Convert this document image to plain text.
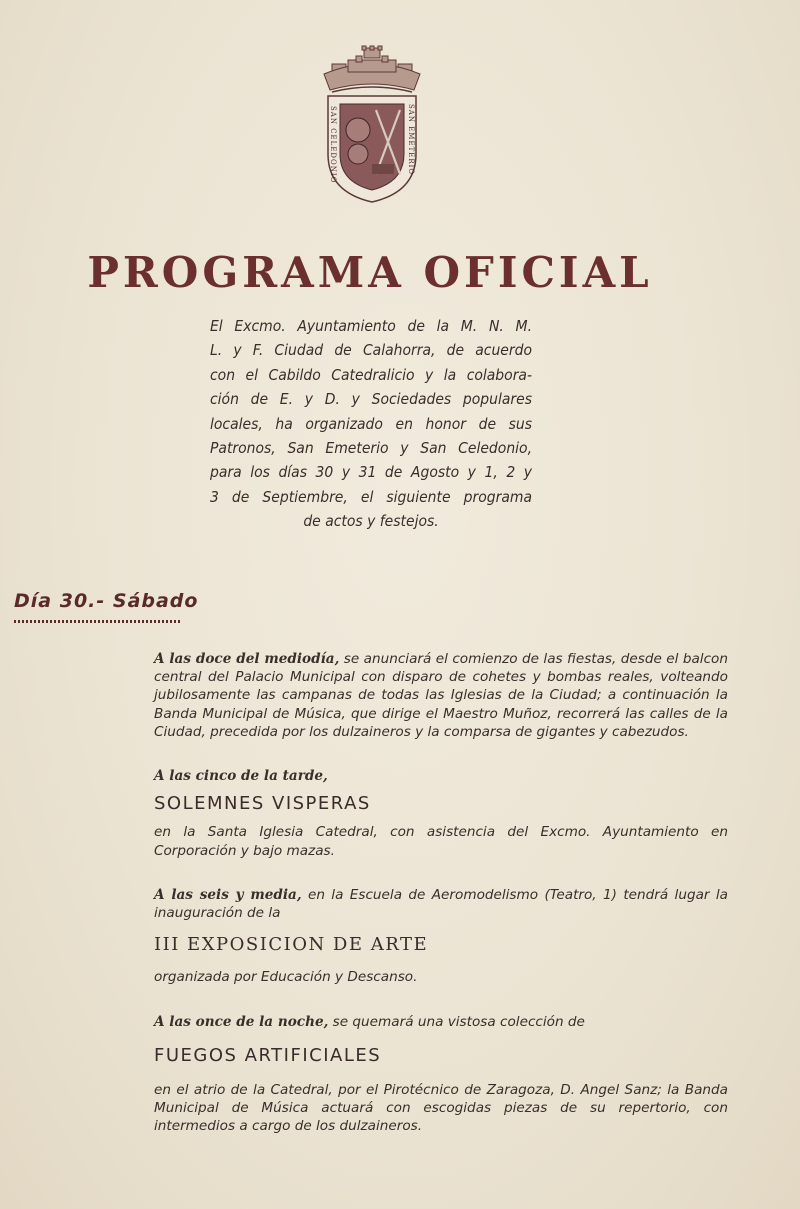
SAN CELEDONIO	SAN EMETERIO
PROGRAMA OFICIAL
El Excmo. Ayuntamiento de la M. N. M.
L. y F. Ciudad de Calahorra, de acuerdo
con el Cabildo Catedralicio y la colabora-
ción de E. y D. y Sociedades populares
locales, ha organizado en honor de sus
Patronos, San Emeterio y San Celedonio,
para los días 30 y 31 de Agosto y 1, 2 y
3 de Septiembre, el siguiente programa
de actos y festejos.
Día 30.- Sábado

A las doce del mediodía, se anunciará el comienzo de las fiestas, desde el balcon central del Palacio Municipal con disparo de cohetes y bombas reales, volteando jubilosamente las campanas de todas las Iglesias de la Ciudad; a continuación la Banda Municipal de Música, que dirige el Maestro Muñoz, recorrerá las calles de la Ciudad, precedida por los dulzaineros y la comparsa de gigantes y cabezudos.

A las cinco de la tarde,

SOLEMNES VISPERAS

en la Santa Iglesia Catedral, con asistencia del Excmo. Ayuntamiento en Corporación y bajo mazas.

A las seis y media, en la Escuela de Aeromodelismo (Teatro, 1) tendrá lugar la inauguración de la

III EXPOSICION DE ARTE

organizada por Educación y Descanso.

A las once de la noche, se quemará una vistosa colección de

FUEGOS ARTIFICIALES

en el atrio de la Catedral, por el Pirotécnico de Zaragoza, D. Angel Sanz; la Banda Municipal de Música actuará con escogidas piezas de su repertorio, con intermedios a cargo de los dulzaineros.
